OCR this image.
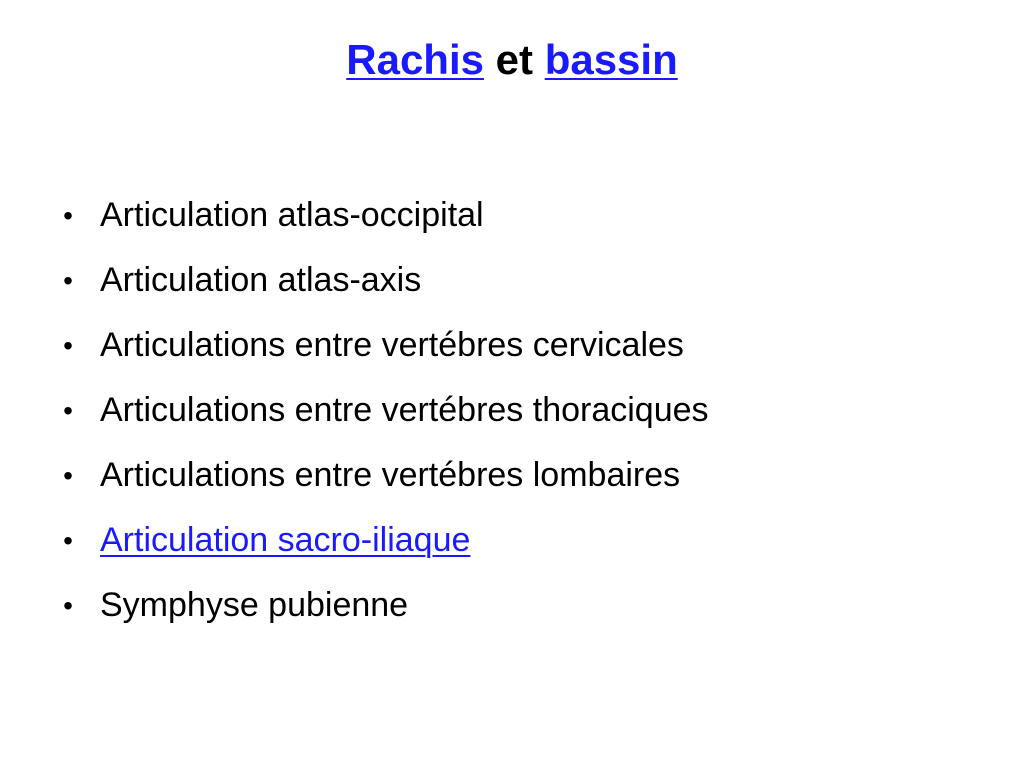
Rachis et bassin
• Articulation atlas-occipital
• Articulation atlas-axis
• Articulations entre vertébres cervicales
• Articulations entre vertébres thoraciques
• Articulations entre vertébres lombaires
• Articulation sacro-iliaque
• Symphyse pubienne
